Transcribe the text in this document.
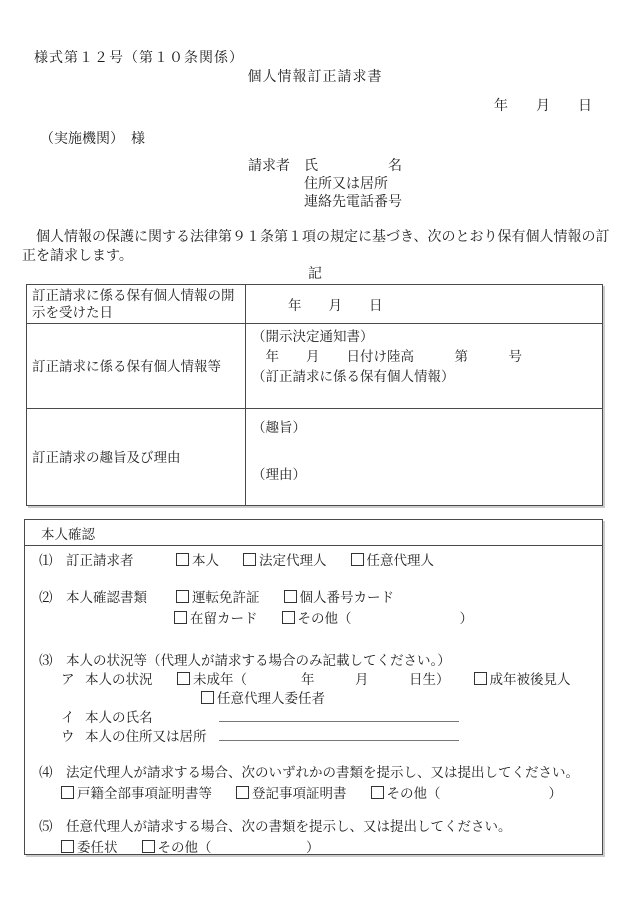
様式第１２号（第１０条関係）
個人情報訂正請求書
年　　月　　日
（実施機関）　様
請求者　氏　　　　　名
住所又は居所
連絡先電話番号
　個人情報の保護に関する法律第９１条第１項の規定に基づき、次のとおり保有個人情報の訂正を請求します。
記
訂正請求に係る保有個人情報の開示を受けた日	年　　月　　日
訂正請求に係る保有個人情報等	（開示決定通知書）
　年　　月　　日付け陸高　　　第　　　号
（訂正請求に係る保有個人情報）

訂正請求の趣旨及び理由	（趣旨）
（理由）
本人確認
⑴	訂正請求者	本人	法定代理人	任意代理人
⑵	本人確認書類	運転免許証	個人番号カード
在留カード	その他（　　　　　　　　）
⑶	本人の状況等（代理人が請求する場合のみ記載してください。）
ア 本人の状況	未成年（　　　　年　　　月　　　日生）	成年被後見人
任意代理人委任者
イ 本人の氏名
ウ 本人の住所又は居所
⑷	法定代理人が請求する場合、次のいずれかの書類を提示し、又は提出してください。
戸籍全部事項証明書等	登記事項証明書	その他（　　　　　　　　）
⑸	任意代理人が請求する場合、次の書類を提示し、又は提出してください。
委任状	その他（　　　　　　　）
